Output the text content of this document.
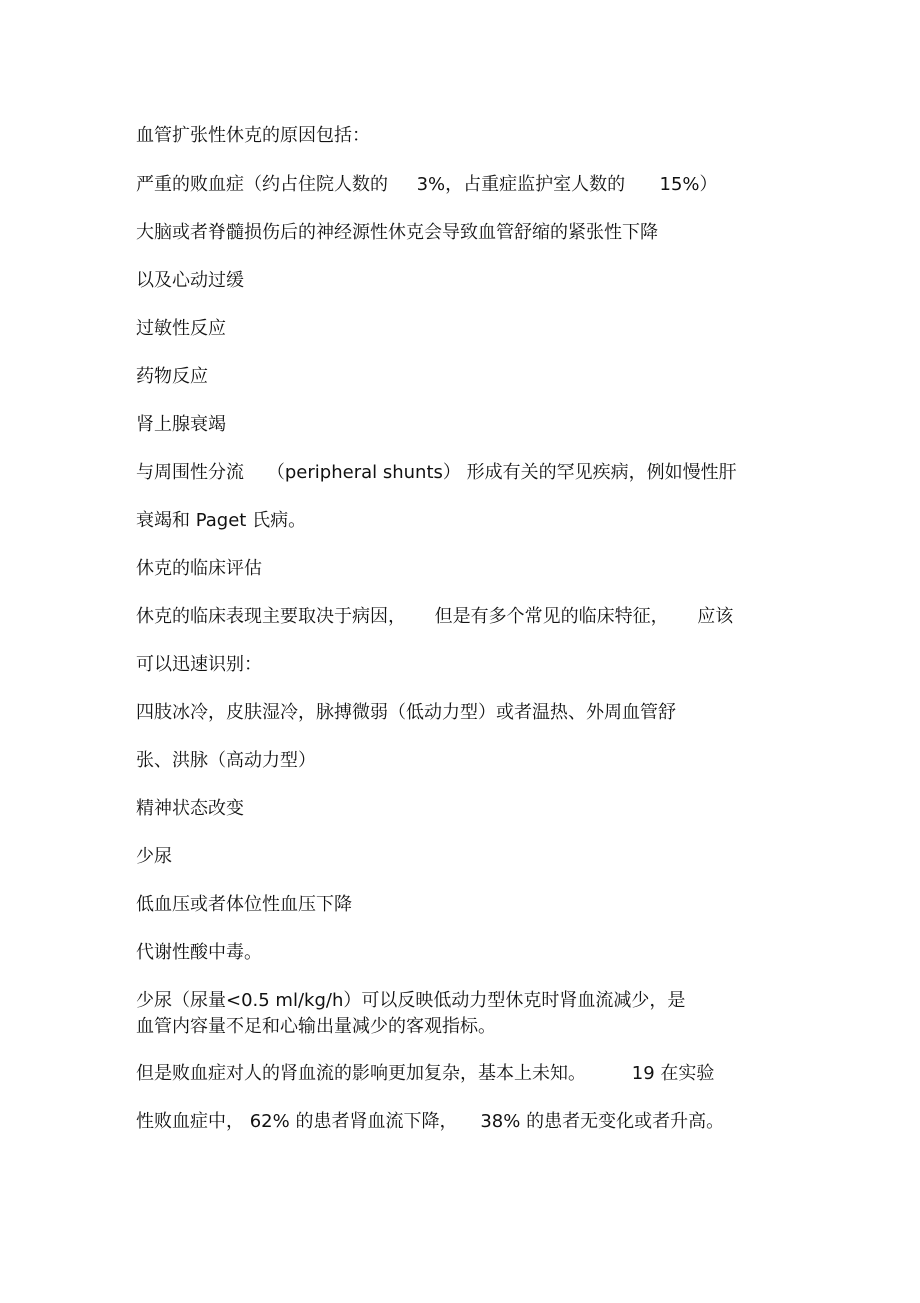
血管扩张性休克的原因包括：

严重的败血症（约占住院人数的     3%，占重症监护室人数的      15%）

大脑或者脊髓损伤后的神经源性休克会导致血管舒缩的紧张性下降

以及心动过缓

过敏性反应

药物反应

肾上腺衰竭

与周围性分流    （peripheral shunts） 形成有关的罕见疾病，例如慢性肝

衰竭和 Paget 氏病。

休克的临床评估

休克的临床表现主要取决于病因，     但是有多个常见的临床特征，     应该

可以迅速识别：

四肢冰冷，皮肤湿冷，脉搏微弱（低动力型）或者温热、外周血管舒

张、洪脉（高动力型）

精神状态改变

少尿

低血压或者体位性血压下降

代谢性酸中毒。

少尿（尿量<0.5 ml/kg/h）可以反映低动力型休克时肾血流减少，是

血管内容量不足和心输出量减少的客观指标。

但是败血症对人的肾血流的影响更加复杂，基本上未知。        19 在实验

性败血症中， 62% 的患者肾血流下降，    38% 的患者无变化或者升高。
